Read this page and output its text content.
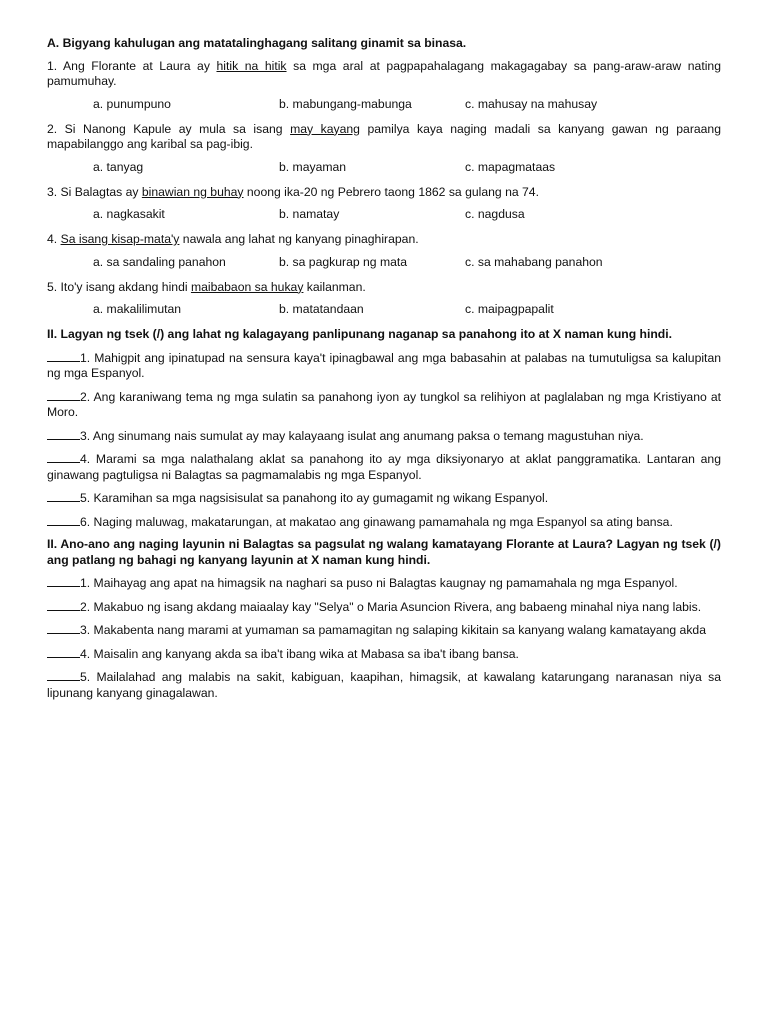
A. Bigyang kahulugan ang matatalinghagang salitang ginamit sa binasa.
1. Ang Florante at Laura ay hitik na hitik sa mga aral at pagpapahalagang makagagabay sa pang-araw-araw nating pamumuhay.
a. punumpuno	b. mabungang-mabunga	c. mahusay na mahusay
2. Si Nanong Kapule ay mula sa isang may kayang pamilya kaya naging madali sa kanyang gawan ng paraang mapabilanggo ang karibal sa pag-ibig.
a. tanyag	b. mayaman	c. mapagmataas
3. Si Balagtas ay binawian ng buhay noong ika-20 ng Pebrero taong 1862 sa gulang na 74.
a. nagkasakit	b. namatay	c. nagdusa
4. Sa isang kisap-mata'y nawala ang lahat ng kanyang pinaghirapan.
a. sa sandaling panahon	b. sa pagkurap ng mata	c. sa mahabang panahon
5. Ito'y isang akdang hindi maibabaon sa hukay kailanman.
a. makalilimutan	b. matatandaan	c. maipagpapalit
II. Lagyan ng tsek (/) ang lahat ng kalagayang panlipunang naganap sa panahong ito at X naman kung hindi.
1. Mahigpit ang ipinatupad na sensura kaya't ipinagbawal ang mga babasahin at palabas na tumutuligsa sa kalupitan ng mga Espanyol.
2. Ang karaniwang tema ng mga sulatin sa panahong iyon ay tungkol sa relihiyon at paglalaban ng mga Kristiyano at Moro.
3. Ang sinumang nais sumulat ay may kalayaang isulat ang anumang paksa o temang magustuhan niya.
4. Marami sa mga nalathalang aklat sa panahong ito ay mga diksiyonaryo at aklat panggramatika. Lantaran ang ginawang pagtuligsa ni Balagtas sa pagmamalabis ng mga Espanyol.
5. Karamihan sa mga nagsisisulat sa panahong ito ay gumagamit ng wikang Espanyol.
6. Naging maluwag, makatarungan, at makatao ang ginawang pamamahala ng mga Espanyol sa ating bansa.
II. Ano-ano ang naging layunin ni Balagtas sa pagsulat ng walang kamatayang Florante at Laura? Lagyan ng tsek (/) ang patlang ng bahagi ng kanyang layunin at X naman kung hindi.
1. Maihayag ang apat na himagsik na naghari sa puso ni Balagtas kaugnay ng pamamahala ng mga Espanyol.
2. Makabuo ng isang akdang maiaalay kay "Selya" o Maria Asuncion Rivera, ang babaeng minahal niya nang labis.
3. Makabenta nang marami at yumaman sa pamamagitan ng salaping kikitain sa kanyang walang kamatayang akda
4. Maisalin ang kanyang akda sa iba't ibang wika at Mabasa sa iba't ibang bansa.
5. Mailalahad ang malabis na sakit, kabiguan, kaapihan, himagsik, at kawalang katarungang naranasan niya sa lipunang kanyang ginagalawan.
